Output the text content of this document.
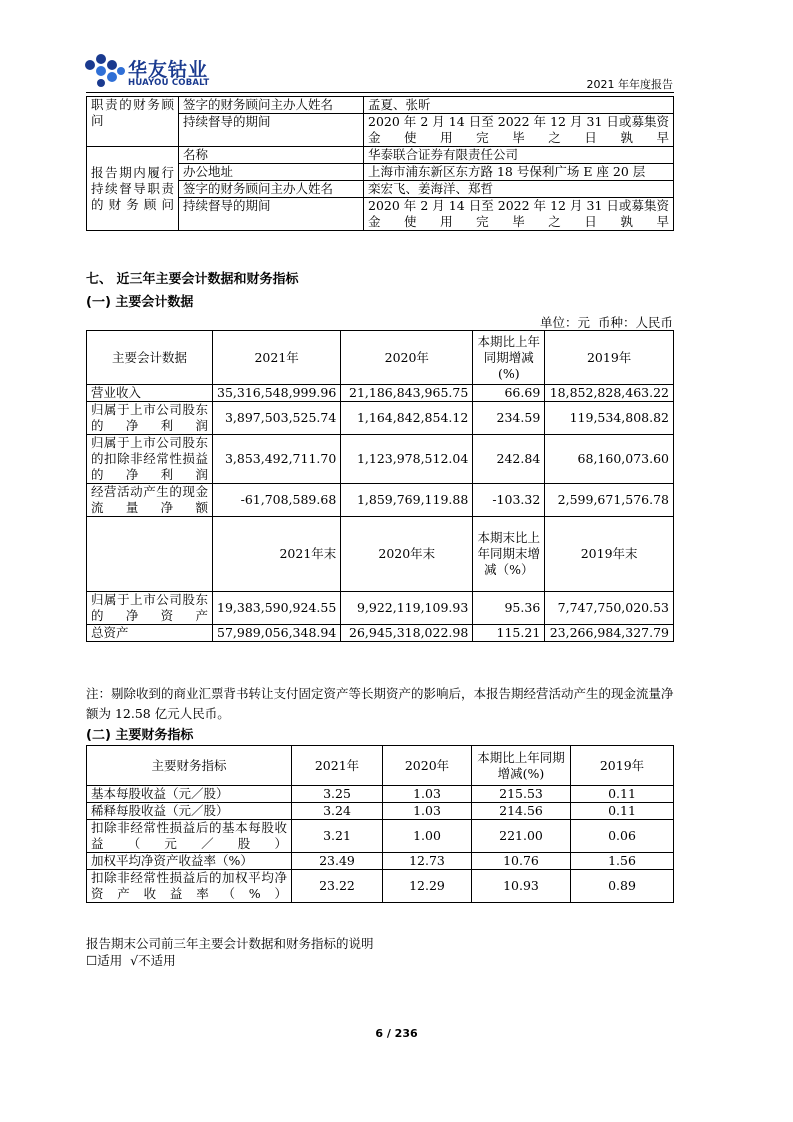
华友钴业
HUAYOU COBALT	2021 年年度报告
职责的财务顾问	签字的财务顾问主办人姓名	孟夏、张昕
	持续督导的期间	2020 年 2 月 14 日至 2022 年 12 月 31 日或募集资金使用完毕之日孰早
报告期内履行持续督导职责的财务顾问	名称	华泰联合证券有限责任公司
	办公地址	上海市浦东新区东方路 18 号保利广场 E 座 20 层
	签字的财务顾问主办人姓名	栾宏飞、姜海洋、郑哲
	持续督导的期间	2020 年 2 月 14 日至 2022 年 12 月 31 日或募集资金使用完毕之日孰早
七、 近三年主要会计数据和财务指标
(一) 主要会计数据
单位：元  币种：人民币
主要会计数据	2021年	2020年	本期比上年同期增减(%)	2019年
营业收入	35,316,548,999.96	21,186,843,965.75	66.69	18,852,828,463.22
归属于上市公司股东的净利润	3,897,503,525.74	1,164,842,854.12	234.59	119,534,808.82
归属于上市公司股东的扣除非经常性损益的净利润	3,853,492,711.70	1,123,978,512.04	242.84	68,160,073.60
经营活动产生的现金流量净额	-61,708,589.68	1,859,769,119.88	-103.32	2,599,671,576.78
	2021年末	2020年末	本期末比上年同期末增减（%）	2019年末
归属于上市公司股东的净资产	19,383,590,924.55	9,922,119,109.93	95.36	7,747,750,020.53
总资产	57,989,056,348.94	26,945,318,022.98	115.21	23,266,984,327.79
注：剔除收到的商业汇票背书转让支付固定资产等长期资产的影响后，本报告期经营活动产生的现金流量净额为 12.58 亿元人民币。
(二) 主要财务指标
主要财务指标	2021年	2020年	本期比上年同期增减(%)	2019年
基本每股收益（元／股）	3.25	1.03	215.53	0.11
稀释每股收益（元／股）	3.24	1.03	214.56	0.11
扣除非经常性损益后的基本每股收益（元／股）	3.21	1.00	221.00	0.06
加权平均净资产收益率（%）	23.49	12.73	10.76	1.56
扣除非经常性损益后的加权平均净资产收益率（%）	23.22	12.29	10.93	0.89
报告期末公司前三年主要会计数据和财务指标的说明
☐适用  √不适用
6 / 236
